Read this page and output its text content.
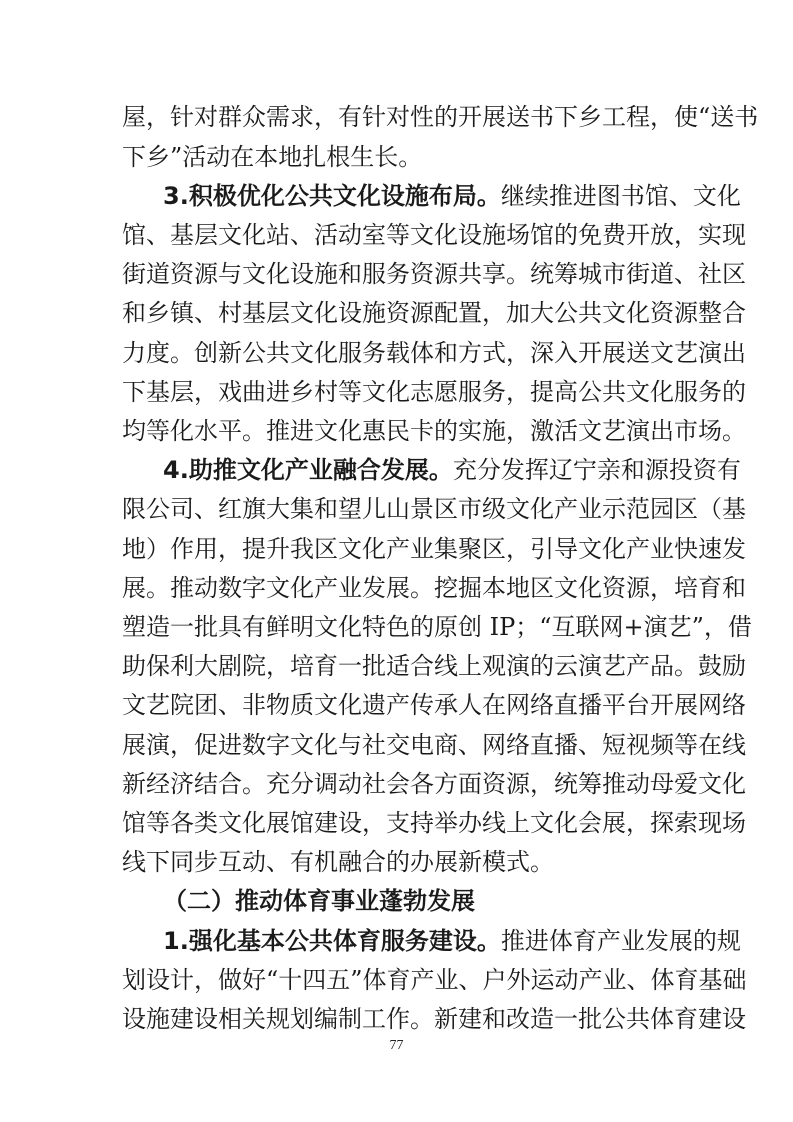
屋，针对群众需求，有针对性的开展送书下乡工程，使“送书
下乡”活动在本地扎根生长。
3.积极优化公共文化设施布局。继续推进图书馆、文化
馆、基层文化站、活动室等文化设施场馆的免费开放，实现
街道资源与文化设施和服务资源共享。统筹城市街道、社区
和乡镇、村基层文化设施资源配置，加大公共文化资源整合
力度。创新公共文化服务载体和方式，深入开展送文艺演出
下基层，戏曲进乡村等文化志愿服务，提高公共文化服务的
均等化水平。推进文化惠民卡的实施，激活文艺演出市场。
4.助推文化产业融合发展。充分发挥辽宁亲和源投资有
限公司、红旗大集和望儿山景区市级文化产业示范园区（基
地）作用，提升我区文化产业集聚区，引导文化产业快速发
展。推动数字文化产业发展。挖掘本地区文化资源，培育和
塑造一批具有鲜明文化特色的原创 IP；“互联网+演艺”，借
助保利大剧院，培育一批适合线上观演的云演艺产品。鼓励
文艺院团、非物质文化遗产传承人在网络直播平台开展网络
展演，促进数字文化与社交电商、网络直播、短视频等在线
新经济结合。充分调动社会各方面资源，统筹推动母爱文化
馆等各类文化展馆建设，支持举办线上文化会展，探索现场
线下同步互动、有机融合的办展新模式。
（二）推动体育事业蓬勃发展
1.强化基本公共体育服务建设。推进体育产业发展的规
划设计，做好“十四五”体育产业、户外运动产业、体育基础
设施建设相关规划编制工作。新建和改造一批公共体育建设
77
